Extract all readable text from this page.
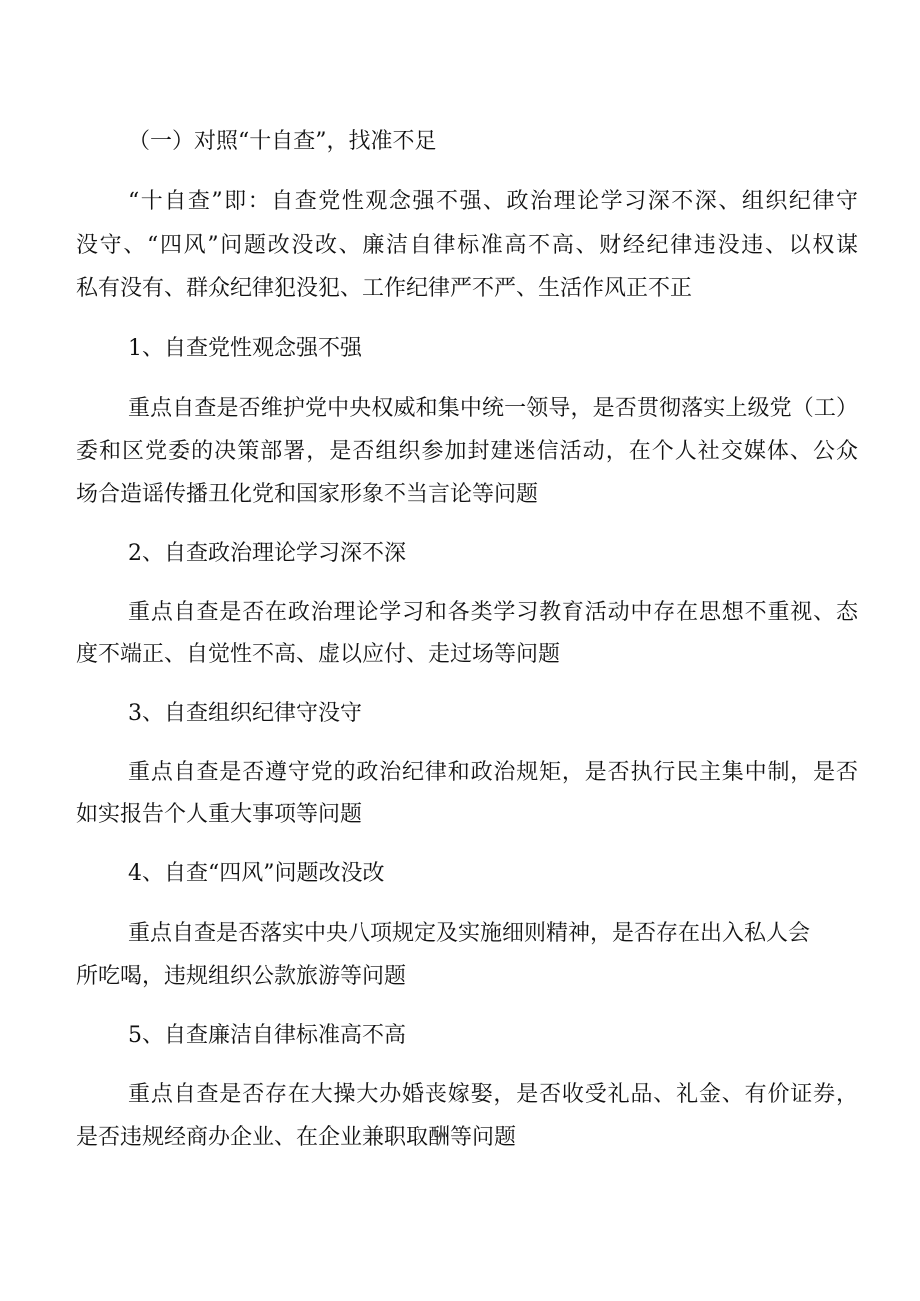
（一）对照“十自查”，找准不足
“十自查”即：自查党性观念强不强、政治理论学习深不深、组织纪律守
没守、“四风”问题改没改、廉洁自律标准高不高、财经纪律违没违、以权谋
私有没有、群众纪律犯没犯、工作纪律严不严、生活作风正不正
1、自查党性观念强不强
重点自查是否维护党中央权威和集中统一领导，是否贯彻落实上级党（工）
委和区党委的决策部署，是否组织参加封建迷信活动，在个人社交媒体、公众
场合造谣传播丑化党和国家形象不当言论等问题
2、自查政治理论学习深不深
重点自查是否在政治理论学习和各类学习教育活动中存在思想不重视、态
度不端正、自觉性不高、虚以应付、走过场等问题
3、自查组织纪律守没守
重点自查是否遵守党的政治纪律和政治规矩，是否执行民主集中制，是否
如实报告个人重大事项等问题
4、自查“四风”问题改没改
重点自查是否落实中央八项规定及实施细则精神，是否存在出入私人会
所吃喝，违规组织公款旅游等问题
5、自查廉洁自律标准高不高
重点自查是否存在大操大办婚丧嫁娶，是否收受礼品、礼金、有价证券，
是否违规经商办企业、在企业兼职取酬等问题
